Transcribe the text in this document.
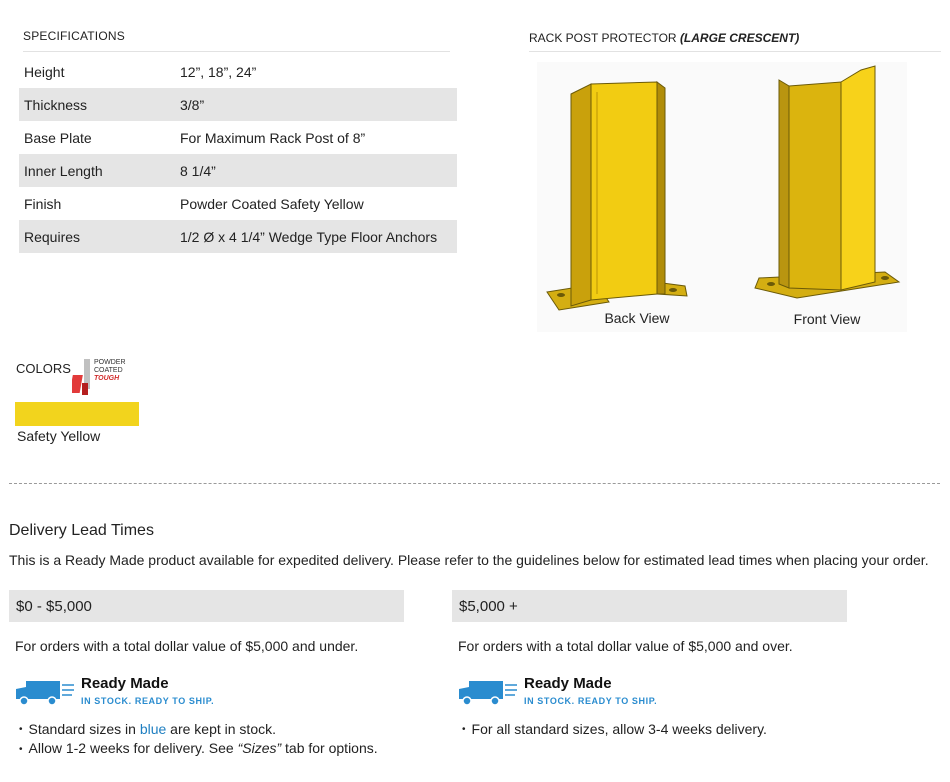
SPECIFICATIONS
Height	12”, 18”, 24”
Thickness	3/8”
Base Plate	For Maximum Rack Post of 8”
Inner Length	8 1/4”
Finish	Powder Coated Safety Yellow
Requires	1/2 Ø x 4 1/4” Wedge Type Floor Anchors
RACK POST PROTECTOR (LARGE CRESCENT)
Back View	Front View
COLORS	POWDER
COATED
TOUGH
Safety Yellow
Delivery Lead Times
This is a Ready Made product available for expedited delivery. Please refer to the guidelines below for estimated lead times when placing your order.
$0 - $5,000
For orders with a total dollar value of $5,000 and under.
Ready Made
IN STOCK. READY TO SHIP.
• Standard sizes in blue are kept in stock.
• Allow 1-2 weeks for delivery. See “Sizes” tab for options.
$5,000 +
For orders with a total dollar value of $5,000 and over.
Ready Made
IN STOCK. READY TO SHIP.
• For all standard sizes, allow 3-4 weeks delivery.
